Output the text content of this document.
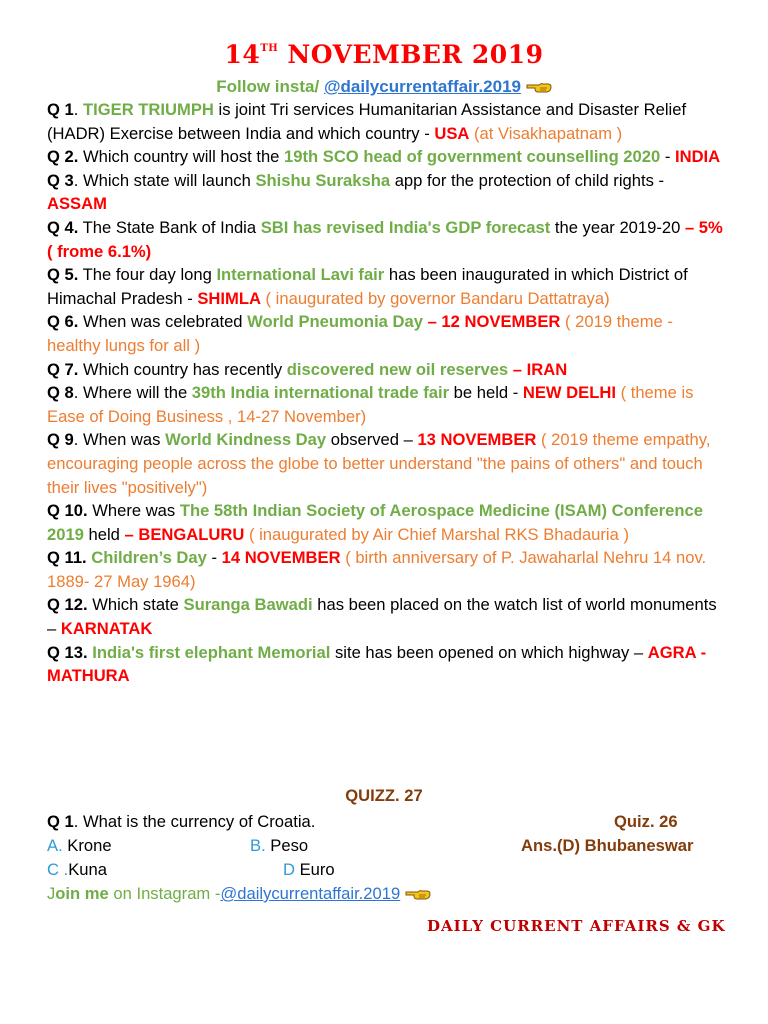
14TH NOVEMBER 2019
Follow insta/ @dailycurrentaffair.2019

Q 1. TIGER TRIUMPH is joint Tri services Humanitarian Assistance and Disaster Relief (HADR) Exercise between India and which country - USA (at Visakhapatnam )

Q 2. Which country will host the 19th SCO head of government counselling 2020 - INDIA

Q 3. Which state will launch Shishu Suraksha app for the protection of child rights - ASSAM

Q 4. The State Bank of India SBI has revised India's GDP forecast the year 2019-20 – 5% ( frome 6.1%)

Q 5. The four day long International Lavi fair has been inaugurated in which District of Himachal Pradesh - SHIMLA ( inaugurated by governor Bandaru Dattatraya)

Q 6. When was celebrated World Pneumonia Day – 12 NOVEMBER ( 2019 theme - healthy lungs for all )

Q 7. Which country has recently discovered new oil reserves – IRAN

Q 8. Where will the 39th India international trade fair be held - NEW DELHI ( theme is Ease of Doing Business , 14-27 November)

Q 9. When was World Kindness Day observed – 13 NOVEMBER ( 2019 theme empathy, encouraging people across the globe to better understand "the pains of others" and touch their lives "positively")

Q 10. Where was The 58th Indian Society of Aerospace Medicine (ISAM) Conference 2019 held – BENGALURU ( inaugurated by Air Chief Marshal RKS Bhadauria )

Q 11. Children’s Day - 14 NOVEMBER ( birth anniversary of P. Jawaharlal Nehru 14 nov. 1889- 27 May 1964)

Q 12. Which state Suranga Bawadi has been placed on the watch list of world monuments – KARNATAK

Q 13. India's first elephant Memorial site has been opened on which highway – AGRA - MATHURA

QUIZZ. 27
Q 1. What is the currency of Croatia.
A. Krone	B. Peso
C .Kuna	D Euro
Quiz. 26
Ans.(D) Bhubaneswar
Join me on Instagram -@dailycurrentaffair.2019
DAILY CURRENT AFFAIRS & GK
